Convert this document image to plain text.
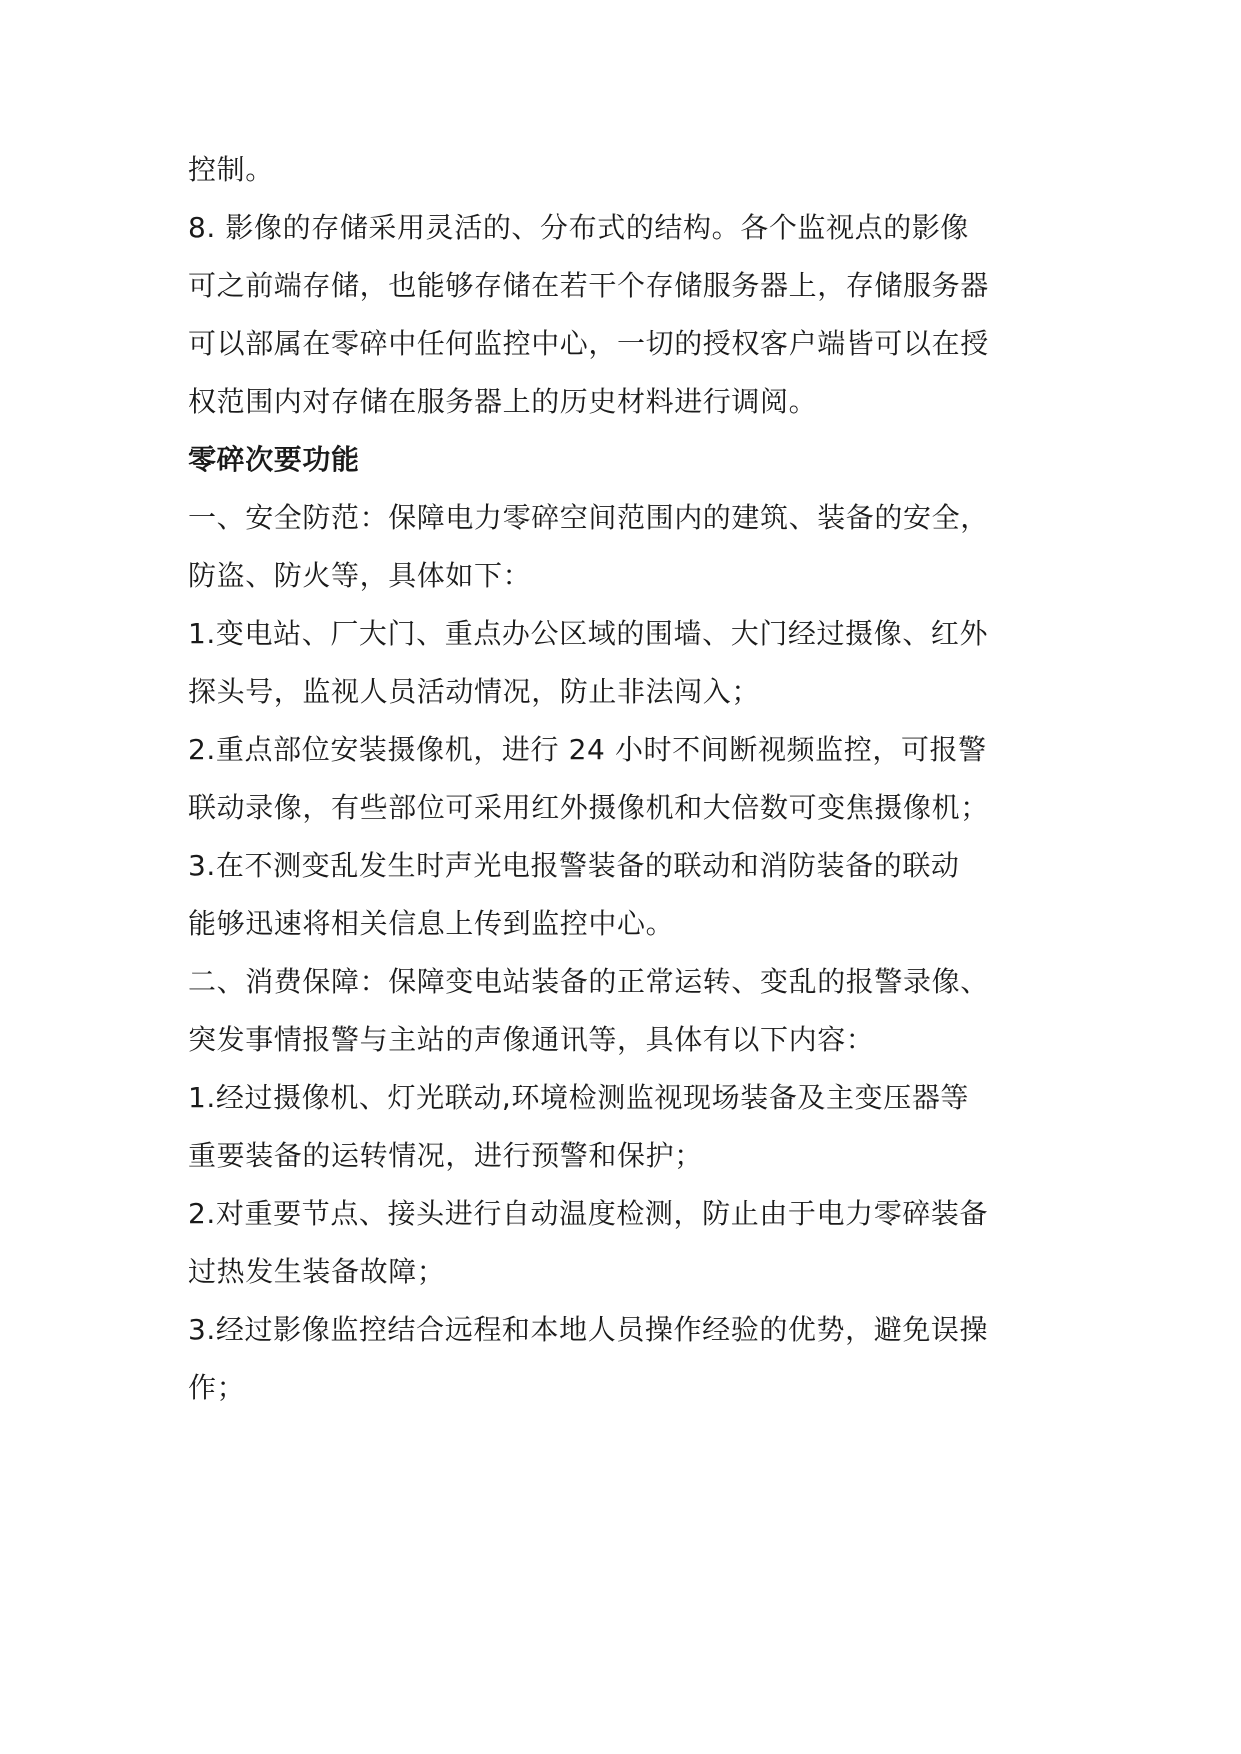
控制。
8. 影像的存储采用灵活的、分布式的结构。各个监视点的影像
可之前端存储，也能够存储在若干个存储服务器上，存储服务器
可以部属在零碎中任何监控中心，一切的授权客户端皆可以在授
权范围内对存储在服务器上的历史材料进行调阅。
零碎次要功能
一、安全防范：保障电力零碎空间范围内的建筑、装备的安全，
防盗、防火等，具体如下：
1.变电站、厂大门、重点办公区域的围墙、大门经过摄像、红外
探头号，监视人员活动情况，防止非法闯入；
2.重点部位安装摄像机，进行 24 小时不间断视频监控，可报警
联动录像，有些部位可采用红外摄像机和大倍数可变焦摄像机；
3.在不测变乱发生时声光电报警装备的联动和消防装备的联动
能够迅速将相关信息上传到监控中心。
二、消费保障：保障变电站装备的正常运转、变乱的报警录像、
突发事情报警与主站的声像通讯等，具体有以下内容：
1.经过摄像机、灯光联动,环境检测监视现场装备及主变压器等
重要装备的运转情况，进行预警和保护；
2.对重要节点、接头进行自动温度检测，防止由于电力零碎装备
过热发生装备故障；
3.经过影像监控结合远程和本地人员操作经验的优势，避免误操
作；
